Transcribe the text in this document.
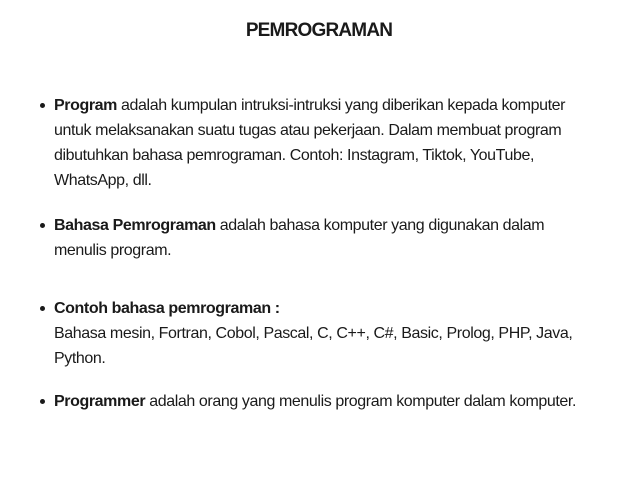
PEMROGRAMAN
Program adalah kumpulan intruksi-intruksi yang diberikan kepada komputer untuk melaksanakan suatu tugas atau pekerjaan. Dalam membuat program dibutuhkan bahasa pemrograman. Contoh: Instagram, Tiktok, YouTube, WhatsApp, dll.
Bahasa Pemrograman adalah bahasa komputer yang digunakan dalam menulis program.
Contoh bahasa pemrograman :
Bahasa mesin, Fortran, Cobol, Pascal, C, C++, C#, Basic, Prolog, PHP, Java, Python.
Programmer adalah orang yang menulis program komputer dalam komputer.
